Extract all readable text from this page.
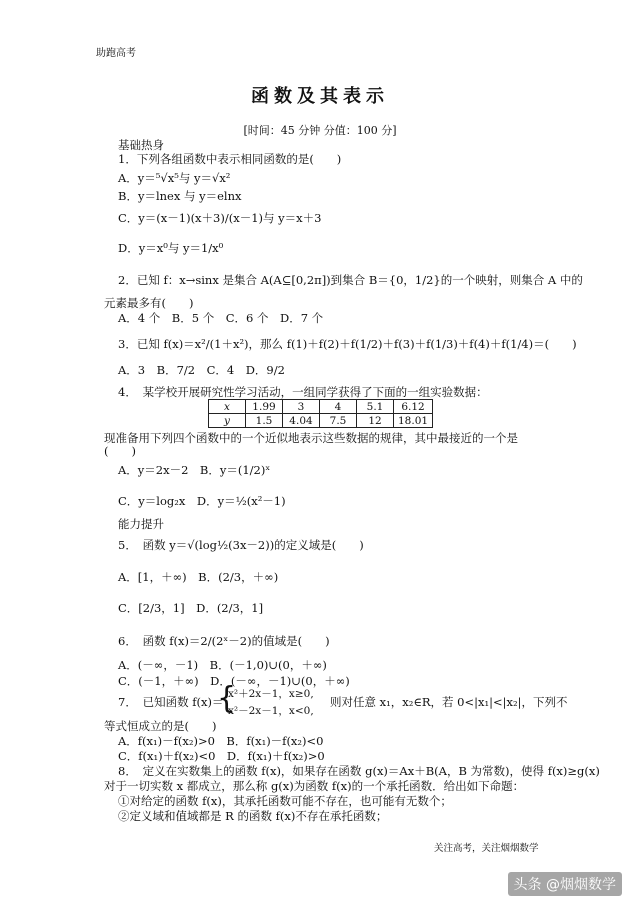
助跑高考
函数及其表示
[时间：45 分钟 分值：100 分]
基础热身
1．下列各组函数中表示相同函数的是(　　)
A．y＝⁵√x⁵与 y＝√x²
B．y＝lnex 与 y＝elnx
C．y＝(x－1)(x＋3)/(x－1)与 y＝x＋3
D．y＝x⁰与 y＝1/x⁰
2．已知 f：x→sinx 是集合 A(A⊆[0,2π])到集合 B＝{0，1/2}的一个映射，则集合 A 中的
元素最多有(　　)
A．4 个　B．5 个　C．6 个　D．7 个
3．已知 f(x)＝x²/(1＋x²)，那么 f(1)＋f(2)＋f(1/2)＋f(3)＋f(1/3)＋f(4)＋f(1/4)＝(　　)
A．3　B．7/2　C．4　D．9/2
4．　某学校开展研究性学习活动，一组同学获得了下面的一组实验数据：
x	1.99	3	4	5.1	6.12
y	1.5	4.04	7.5	12	18.01
现准备用下列四个函数中的一个近似地表示这些数据的规律，其中最接近的一个是
(　　)
A．y＝2x－2　B．y＝(1/2)ˣ
C．y＝log₂x　D．y＝½(x²－1)
能力提升
5．　函数 y＝√(log½(3x－2))的定义域是(　　)
A．[1，＋∞)　B．(2/3，＋∞)
C．[2/3，1]　D．(2/3，1]
6．　函数 f(x)＝2/(2ˣ－2)的值域是(　　)
A．(－∞，－1)　B．(－1,0)∪(0，＋∞)
C．(－1，＋∞)　D．(－∞，－1)∪(0，＋∞)
7．　已知函数 f(x)＝
{
x²＋2x－1，x≥0,
x²－2x－1，x<0,
则对任意 x₁，x₂∈R，若 0<|x₁|<|x₂|，下列不
等式恒成立的是(　　)
A．f(x₁)－f(x₂)>0　B．f(x₁)－f(x₂)<0
C．f(x₁)＋f(x₂)<0　D．f(x₁)＋f(x₂)>0
8．　定义在实数集上的函数 f(x)，如果存在函数 g(x)＝Ax＋B(A，B 为常数)，使得 f(x)≥g(x)
对于一切实数 x 都成立，那么称 g(x)为函数 f(x)的一个承托函数．给出如下命题：
①对给定的函数 f(x)，其承托函数可能不存在，也可能有无数个；
②定义域和值域都是 R 的函数 f(x)不存在承托函数；
关注高考，关注烟烟数学
头条 @烟烟数学
